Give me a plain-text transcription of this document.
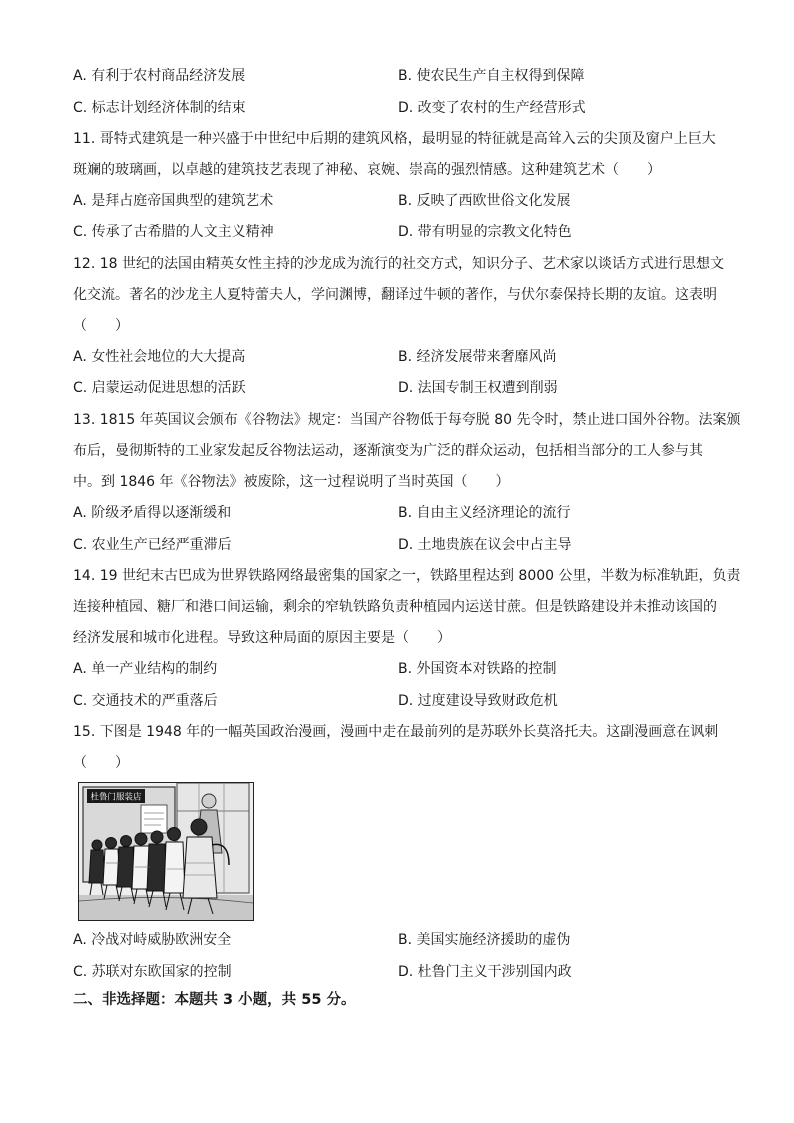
A. 有利于农村商品经济发展	B. 使农民生产自主权得到保障
C. 标志计划经济体制的结束	D. 改变了农村的生产经营形式
11. 哥特式建筑是一种兴盛于中世纪中后期的建筑风格，最明显的特征就是高耸入云的尖顶及窗户上巨大
斑斓的玻璃画，以卓越的建筑技艺表现了神秘、哀婉、崇高的强烈情感。这种建筑艺术（　　）
A. 是拜占庭帝国典型的建筑艺术	B. 反映了西欧世俗文化发展
C. 传承了古希腊的人文主义精神	D. 带有明显的宗教文化特色
12. 18 世纪的法国由精英女性主持的沙龙成为流行的社交方式，知识分子、艺术家以谈话方式进行思想文
化交流。著名的沙龙主人夏特蕾夫人，学问渊博，翻译过牛顿的著作，与伏尔泰保持长期的友谊。这表明
（　　）
A. 女性社会地位的大大提高	B. 经济发展带来奢靡风尚
C. 启蒙运动促进思想的活跃	D. 法国专制王权遭到削弱
13. 1815 年英国议会颁布《谷物法》规定：当国产谷物低于每夸脱 80 先令时，禁止进口国外谷物。法案颁
布后，曼彻斯特的工业家发起反谷物法运动，逐渐演变为广泛的群众运动，包括相当部分的工人参与其
中。到 1846 年《谷物法》被废除，这一过程说明了当时英国（　　）
A. 阶级矛盾得以逐渐缓和	B. 自由主义经济理论的流行
C. 农业生产已经严重滞后	D. 土地贵族在议会中占主导
14. 19 世纪末古巴成为世界铁路网络最密集的国家之一，铁路里程达到 8000 公里，半数为标准轨距，负责
连接种植园、糖厂和港口间运输，剩余的窄轨铁路负责种植园内运送甘蔗。但是铁路建设并未推动该国的
经济发展和城市化进程。导致这种局面的原因主要是（　　）
A. 单一产业结构的制约	B. 外国资本对铁路的控制
C. 交通技术的严重落后	D. 过度建设导致财政危机
15. 下图是 1948 年的一幅英国政治漫画，漫画中走在最前列的是苏联外长莫洛托夫。这副漫画意在讽刺
（　　）
杜鲁门服装店
A. 冷战对峙威胁欧洲安全	B. 美国实施经济援助的虚伪
C. 苏联对东欧国家的控制	D. 杜鲁门主义干涉别国内政
二、非选择题：本题共 3 小题，共 55 分。
